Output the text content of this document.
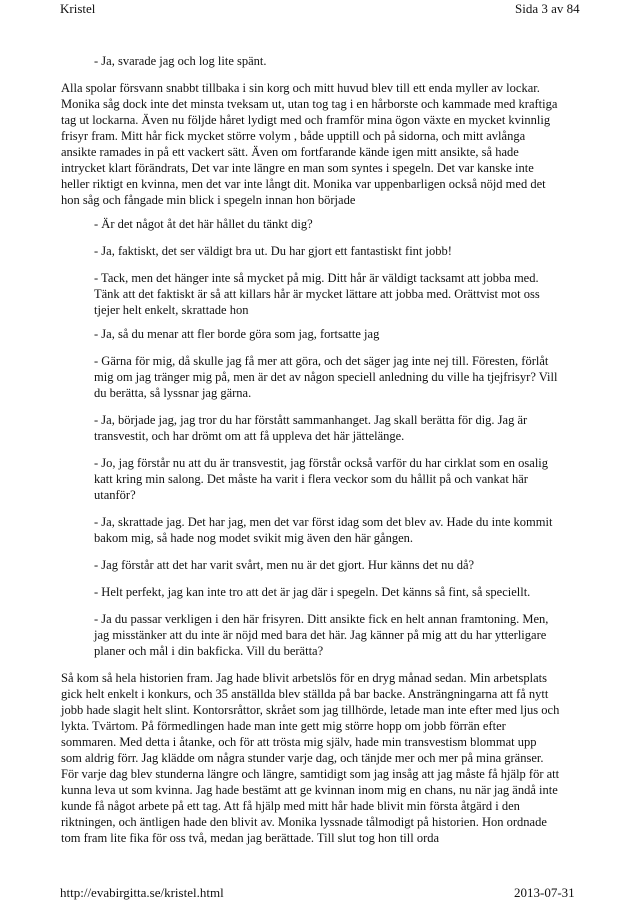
Kristel	Sida 3 av 84
- Ja, svarade jag och log lite spänt.
Alla spolar försvann snabbt tillbaka i sin korg och mitt huvud blev till ett enda myller av lockar.
Monika såg dock inte det minsta tveksam ut, utan tog tag i en hårborste och kammade med kraftiga
tag ut lockarna. Även nu följde håret lydigt med och framför mina ögon växte en mycket kvinnlig
frisyr fram. Mitt hår fick mycket större volym , både upptill och på sidorna, och mitt avlånga
ansikte ramades in på ett vackert sätt. Även om fortfarande kände igen mitt ansikte, så hade
intrycket klart förändrats, Det var inte längre en man som syntes i spegeln. Det var kanske inte
heller riktigt en kvinna, men det var inte långt dit. Monika var uppenbarligen också nöjd med det
hon såg och fångade min blick i spegeln innan hon började
- Är det något åt det här hållet du tänkt dig?
- Ja, faktiskt, det ser väldigt bra ut. Du har gjort ett fantastiskt fint jobb!
- Tack, men det hänger inte så mycket på mig. Ditt hår är väldigt tacksamt att jobba med.
Tänk att det faktiskt är så att killars hår är mycket lättare att jobba med. Orättvist mot oss
tjejer helt enkelt, skrattade hon
- Ja, så du menar att fler borde göra som jag, fortsatte jag
- Gärna för mig, då skulle jag få mer att göra, och det säger jag inte nej till. Föresten, förlåt
mig om jag tränger mig på, men är det av någon speciell anledning du ville ha tjejfrisyr? Vill
du berätta, så lyssnar jag gärna.
- Ja, började jag, jag tror du har förstått sammanhanget. Jag skall berätta för dig. Jag är
transvestit, och har drömt om att få uppleva det här jättelänge.
- Jo, jag förstår nu att du är transvestit, jag förstår också varför du har cirklat som en osalig
katt kring min salong. Det måste ha varit i flera veckor som du hållit på och vankat här
utanför?
- Ja, skrattade jag. Det har jag, men det var först idag som det blev av. Hade du inte kommit
bakom mig, så hade nog modet svikit mig även den här gången.
- Jag förstår att det har varit svårt, men nu är det gjort. Hur känns det nu då?
- Helt perfekt, jag kan inte tro att det är jag där i spegeln. Det känns så fint, så speciellt.
- Ja du passar verkligen i den här frisyren. Ditt ansikte fick en helt annan framtoning. Men,
jag misstänker att du inte är nöjd med bara det här. Jag känner på mig att du har ytterligare
planer och mål i din bakficka. Vill du berätta?
Så kom så hela historien fram. Jag hade blivit arbetslös för en dryg månad sedan. Min arbetsplats
gick helt enkelt i konkurs, och 35 anställda blev ställda på bar backe. Ansträngningarna att få nytt
jobb hade slagit helt slint. Kontorsråttor, skrået som jag tillhörde, letade man inte efter med ljus och
lykta. Tvärtom. På förmedlingen hade man inte gett mig större hopp om jobb förrän efter
sommaren. Med detta i åtanke, och för att trösta mig själv, hade min transvestism blommat upp
som aldrig förr. Jag klädde om några stunder varje dag, och tänjde mer och mer på mina gränser.
För varje dag blev stunderna längre och längre, samtidigt som jag insåg att jag måste få hjälp för att
kunna leva ut som kvinna. Jag hade bestämt att ge kvinnan inom mig en chans, nu när jag ändå inte
kunde få något arbete på ett tag. Att få hjälp med mitt hår hade blivit min första åtgärd i den
riktningen, och äntligen hade den blivit av. Monika lyssnade tålmodigt på historien. Hon ordnade
tom fram lite fika för oss två, medan jag berättade. Till slut tog hon till orda
http://evabirgitta.se/kristel.html	2013-07-31
